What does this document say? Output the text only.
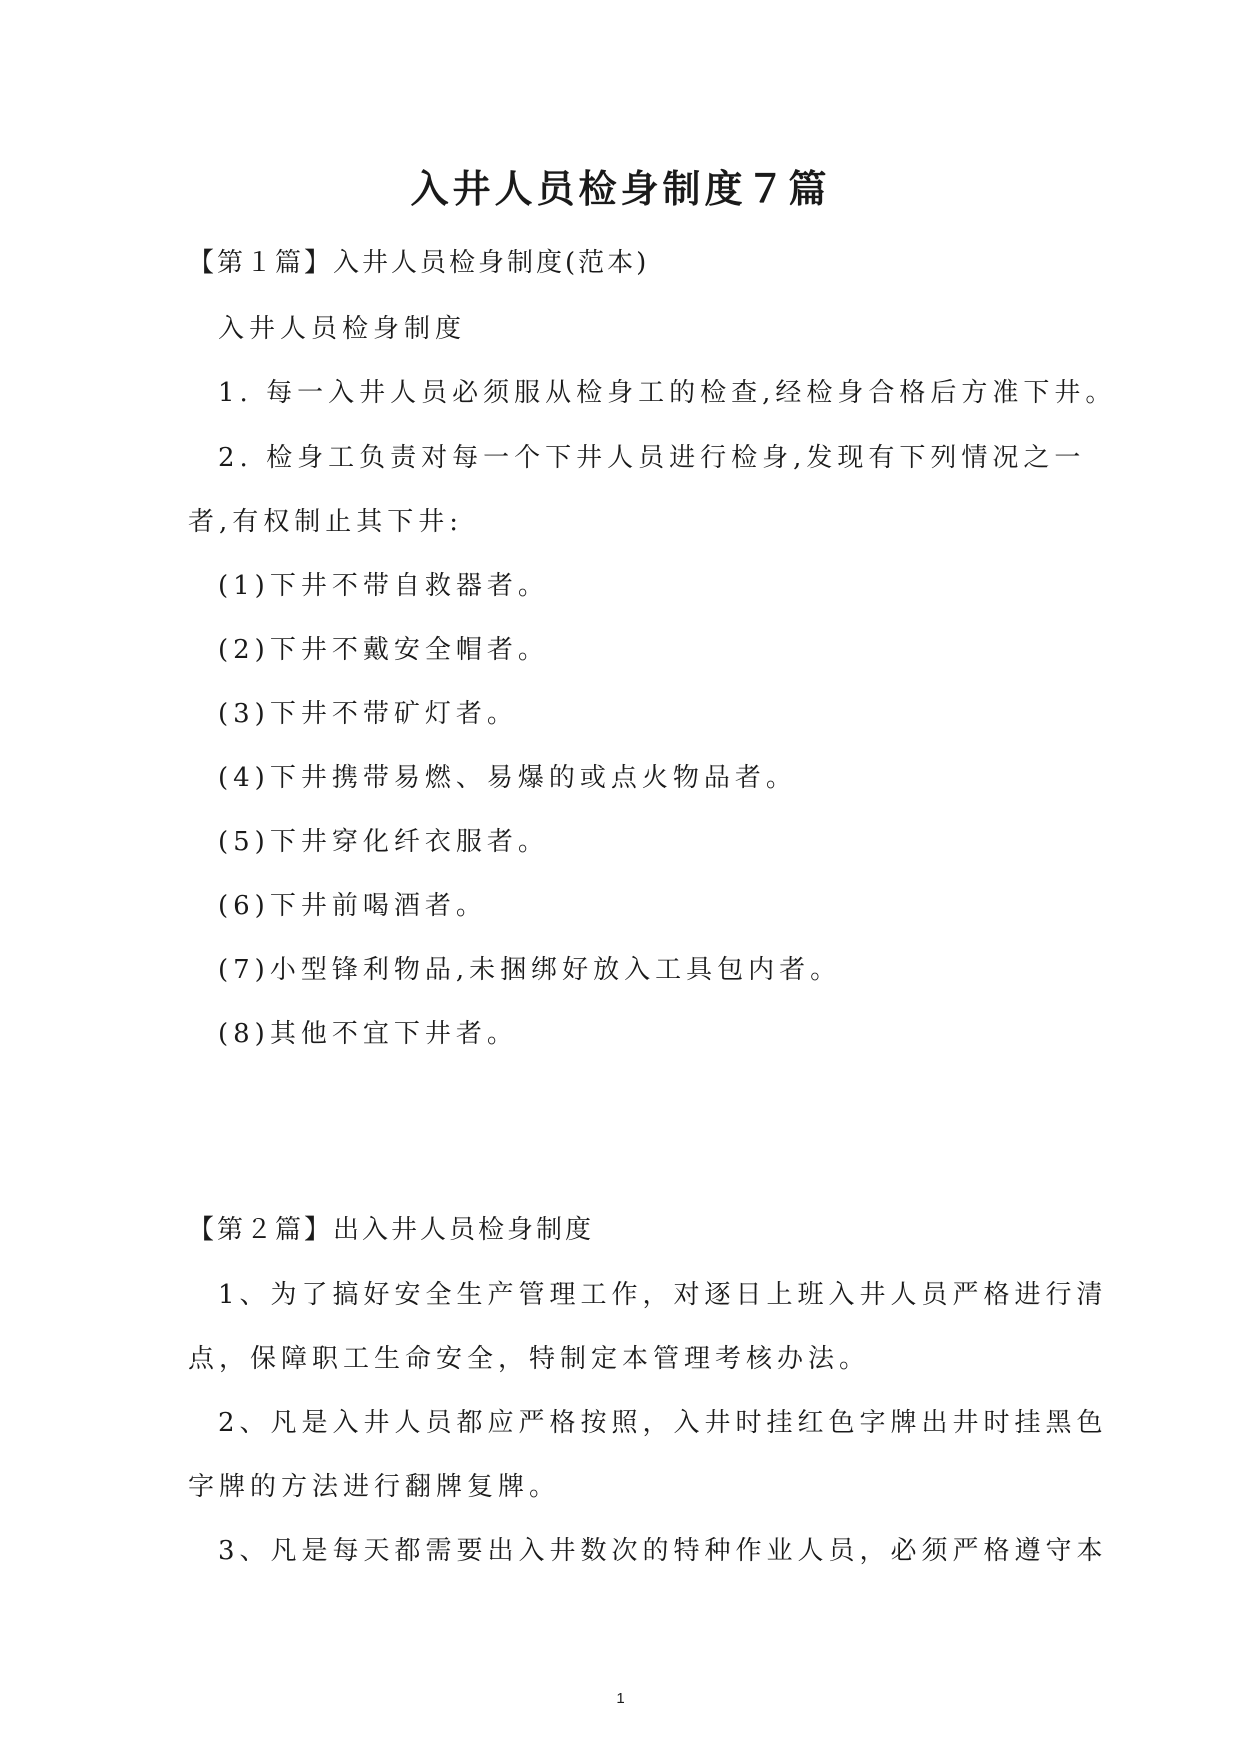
入井人员检身制度７篇
【第１篇】入井人员检身制度(范本)
入井人员检身制度
1. 每一入井人员必须服从检身工的检查,经检身合格后方准下井。
2. 检身工负责对每一个下井人员进行检身,发现有下列情况之一
者,有权制止其下井:
(1)下井不带自救器者。
(2)下井不戴安全帽者。
(3)下井不带矿灯者。
(4)下井携带易燃、易爆的或点火物品者。
(5)下井穿化纤衣服者。
(6)下井前喝酒者。
(7)小型锋利物品,未捆绑好放入工具包内者。
(8)其他不宜下井者。
【第２篇】出入井人员检身制度
1、为了搞好安全生产管理工作，对逐日上班入井人员严格进行清
点，保障职工生命安全，特制定本管理考核办法。
2、凡是入井人员都应严格按照，入井时挂红色字牌出井时挂黑色
字牌的方法进行翻牌复牌。
3、凡是每天都需要出入井数次的特种作业人员，必须严格遵守本
1
